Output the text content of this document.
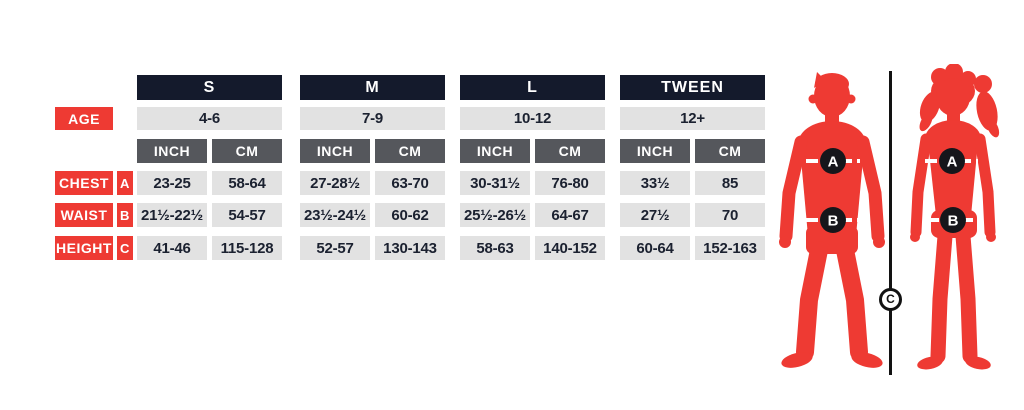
S	M	L	TWEEN
AGE	4-6	7-9	10-12	12+
INCH	CM	INCH	CM	INCH	CM	INCH	CM
CHEST A	23-25	58-64	27-28½	63-70	30-31½	76-80	33½	85
WAIST B 21½-22½	54-57	23½-24½	60-62	25½-26½	64-67	27½	70
HEIGHT C	41-46	115-128	52-57	130-143	58-63	140-152	60-64	152-163
A
B
A
B
C
